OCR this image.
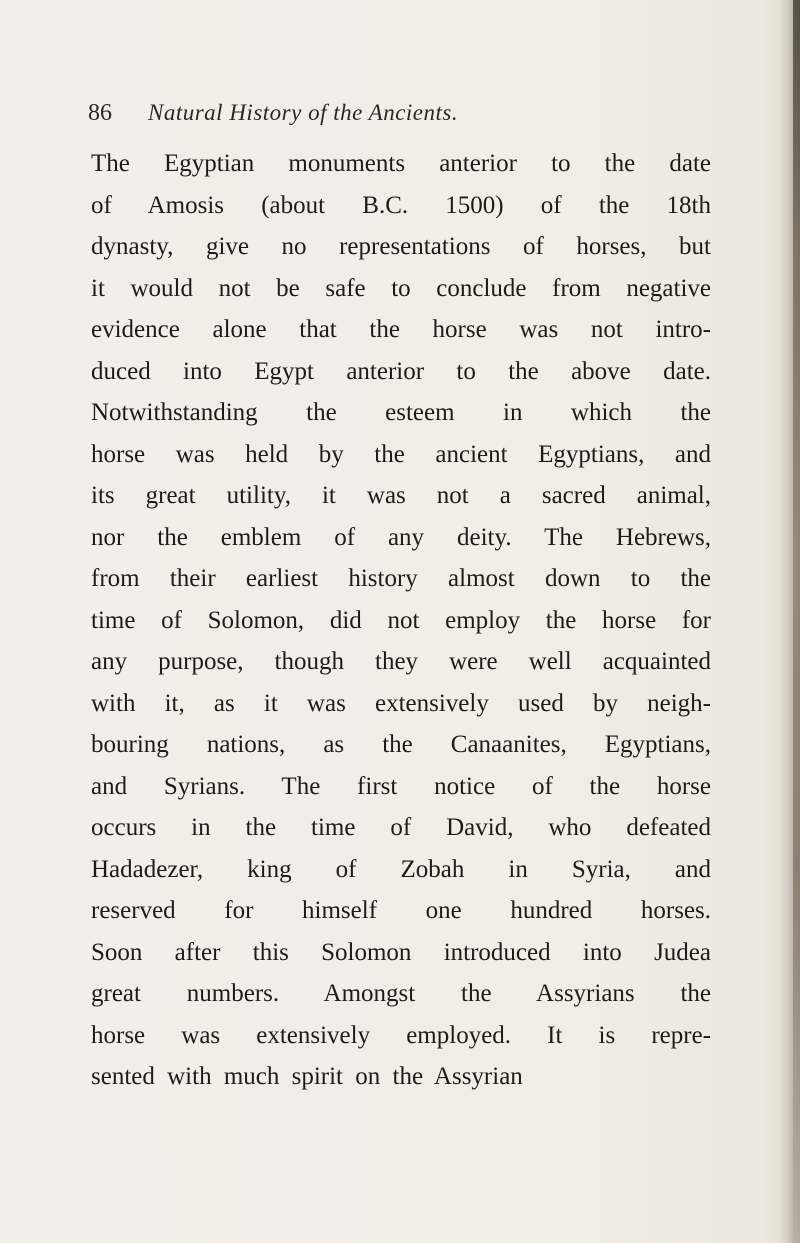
86 Natural History of the Ancients.
The Egyptian monuments anterior to the date
of Amosis (about B.C. 1500) of the 18th
dynasty, give no representations of horses, but
it would not be safe to conclude from negative
evidence alone that the horse was not intro-
duced into Egypt anterior to the above date.
Notwithstanding the esteem in which the
horse was held by the ancient Egyptians, and
its great utility, it was not a sacred animal,
nor the emblem of any deity. The Hebrews,
from their earliest history almost down to the
time of Solomon, did not employ the horse for
any purpose, though they were well acquainted
with it, as it was extensively used by neigh-
bouring nations, as the Canaanites, Egyptians,
and Syrians. The first notice of the horse
occurs in the time of David, who defeated
Hadadezer, king of Zobah in Syria, and
reserved for himself one hundred horses.
Soon after this Solomon introduced into Judea
great numbers. Amongst the Assyrians the
horse was extensively employed. It is repre-
sented with much spirit on the Assyrian
